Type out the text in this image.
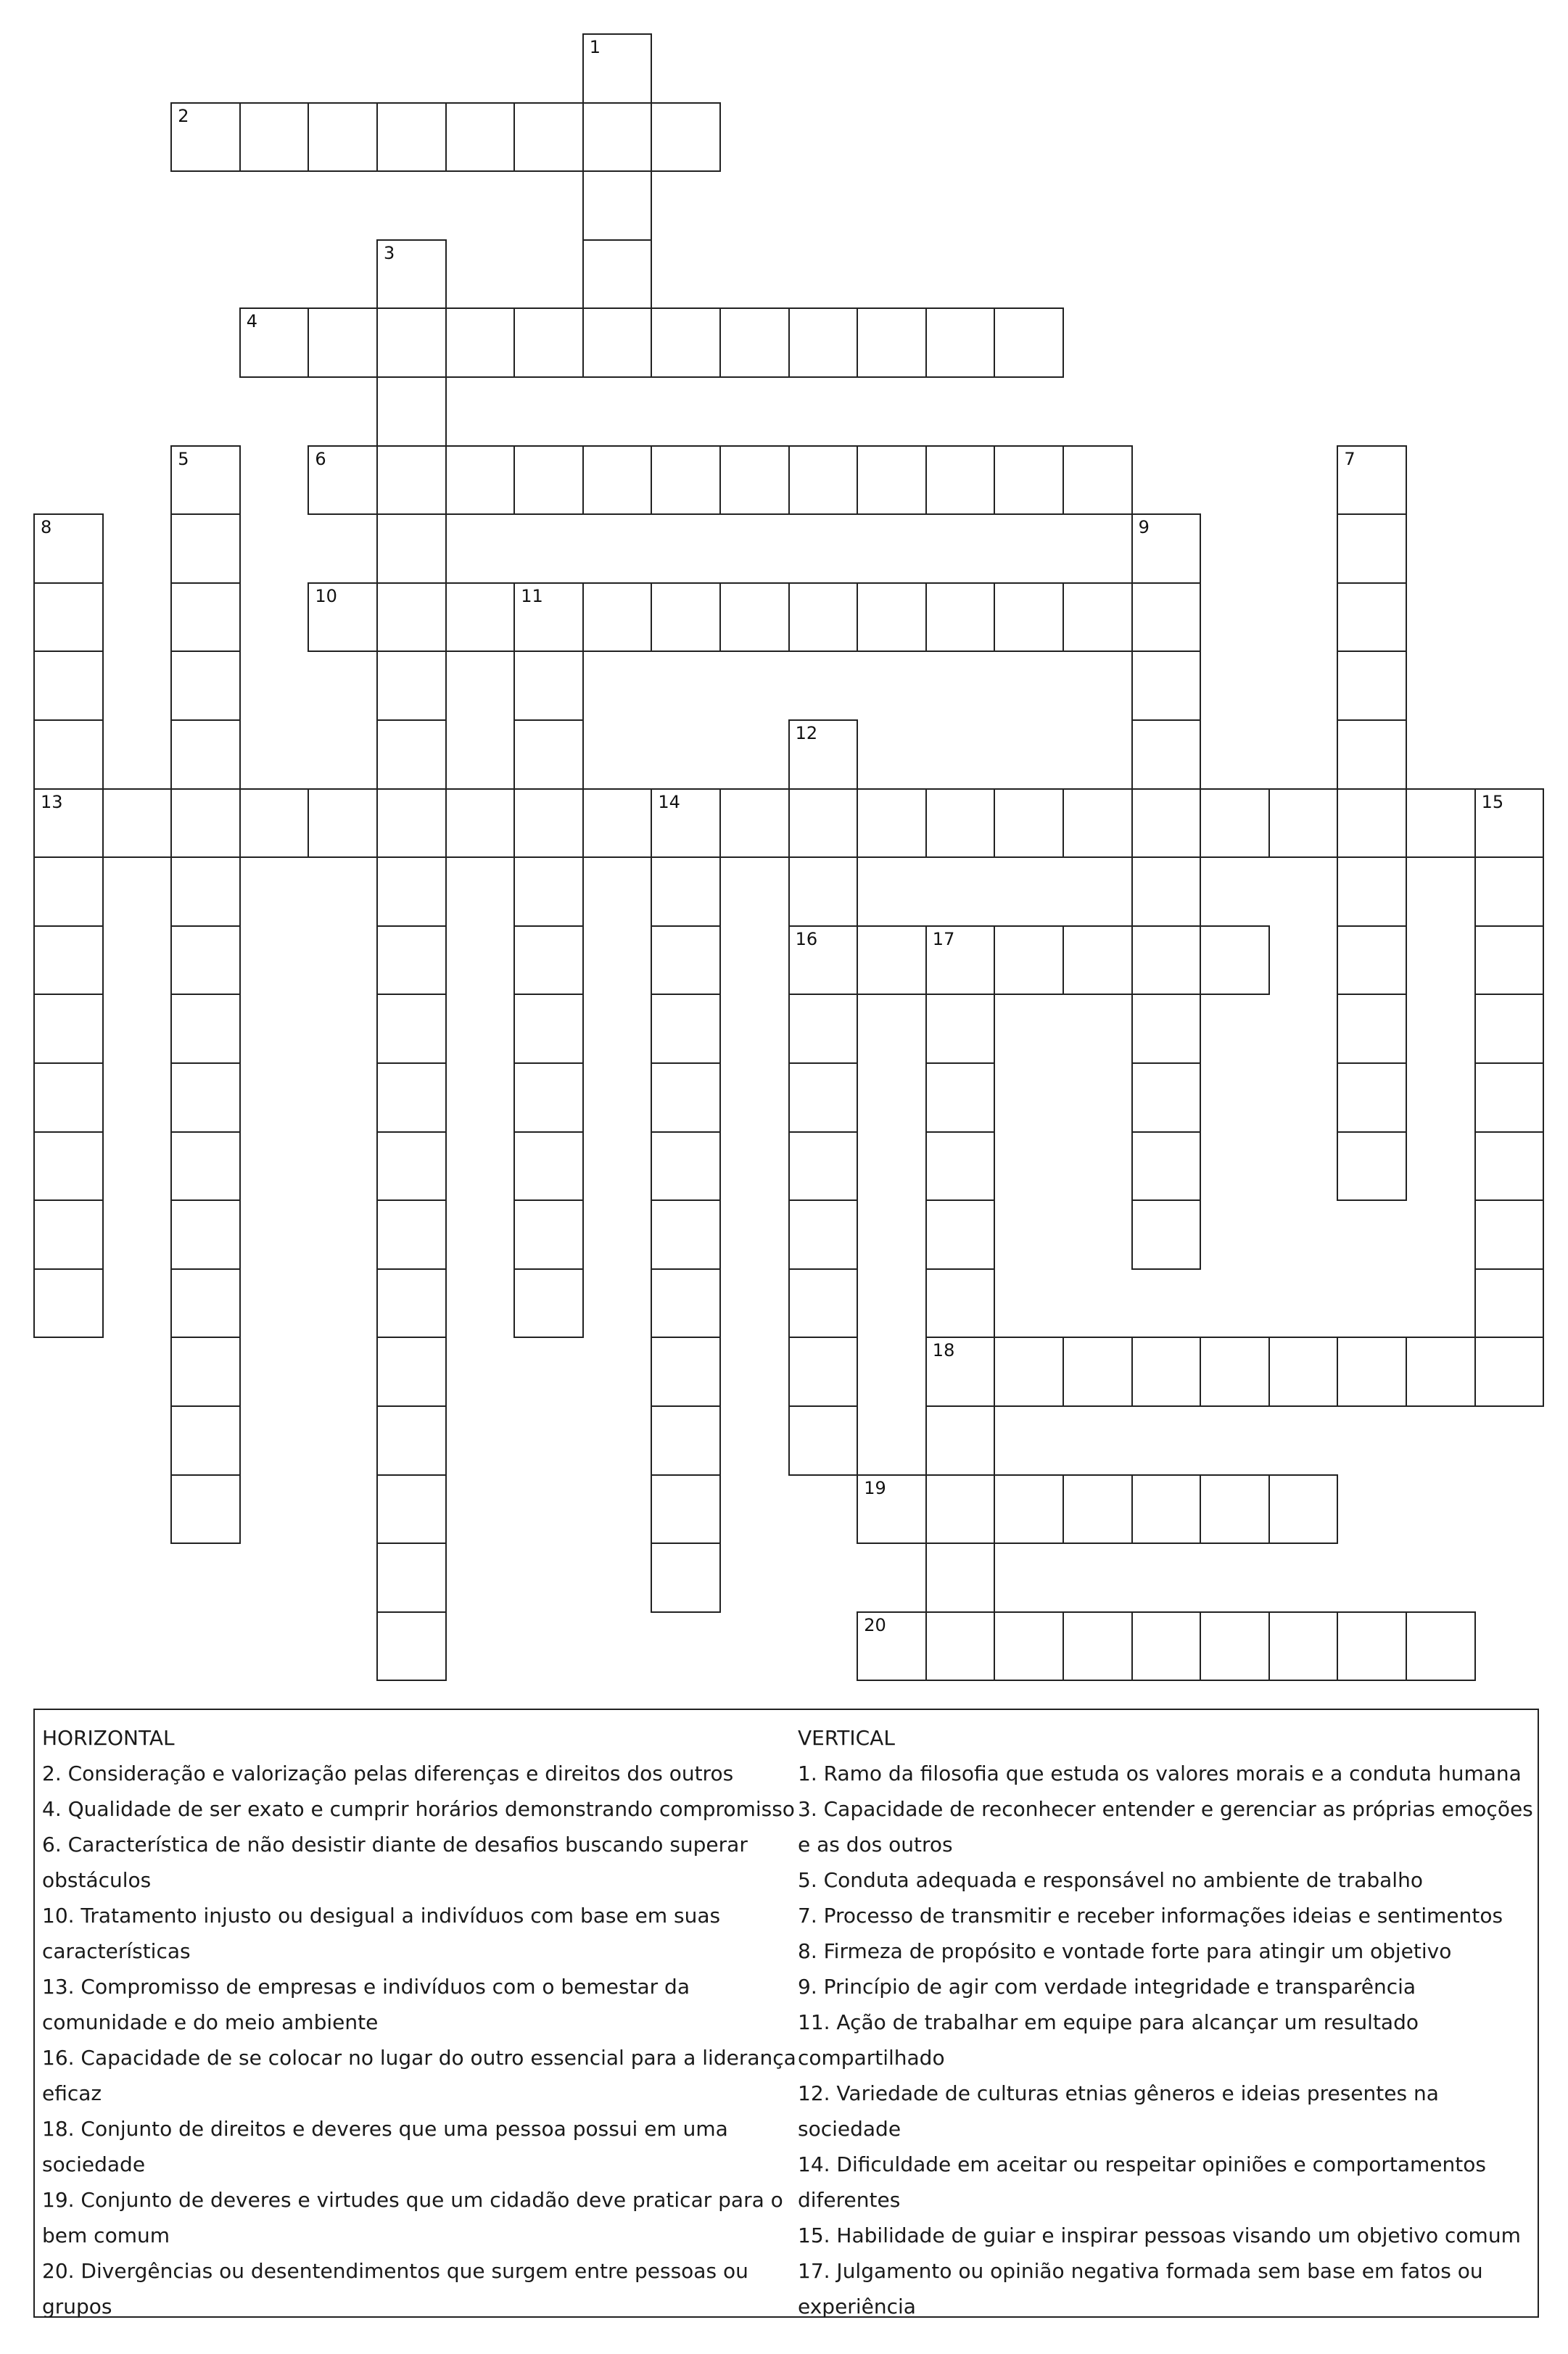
1
2
3
4
5	6	7
8
13
9
10	11
12
16
14	15
17
18
19
20

HORIZONTAL

2. Consideração e valorização pelas diferenças e direitos dos outros

4. Qualidade de ser exato e cumprir horários demonstrando compromisso

6. Característica de não desistir diante de desafios buscando superar obstáculos

10. Tratamento injusto ou desigual a indivíduos com base em suas características

13. Compromisso de empresas e indivíduos com o bemestar da comunidade e do meio ambiente

16. Capacidade de se colocar no lugar do outro essencial para a liderança eficaz

18. Conjunto de direitos e deveres que uma pessoa possui em uma sociedade

19. Conjunto de deveres e virtudes que um cidadão deve praticar para o bem comum

20. Divergências ou desentendimentos que surgem entre pessoas ou grupos

VERTICAL

1. Ramo da filosofia que estuda os valores morais e a conduta humana

3. Capacidade de reconhecer entender e gerenciar as próprias emoções e as dos outros

5. Conduta adequada e responsável no ambiente de trabalho

7. Processo de transmitir e receber informações ideias e sentimentos

8. Firmeza de propósito e vontade forte para atingir um objetivo

9. Princípio de agir com verdade integridade e transparência

11. Ação de trabalhar em equipe para alcançar um resultado compartilhado

12. Variedade de culturas etnias gêneros e ideias presentes na sociedade

14. Dificuldade em aceitar ou respeitar opiniões e comportamentos diferentes

15. Habilidade de guiar e inspirar pessoas visando um objetivo comum

17. Julgamento ou opinião negativa formada sem base em fatos ou experiência
